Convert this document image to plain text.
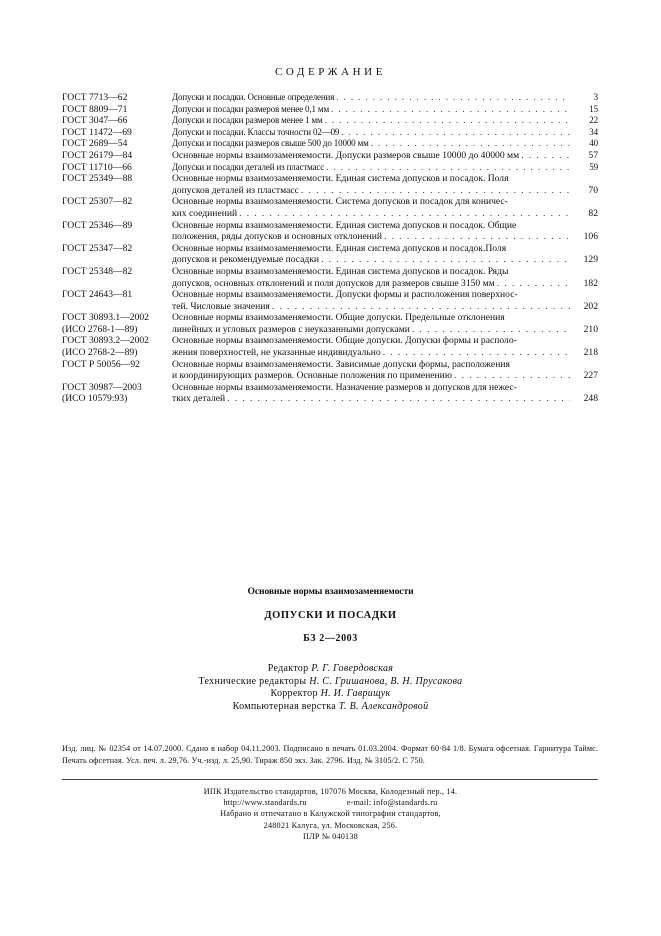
СОДЕРЖАНИЕ
ГОСТ 7713—62	Допуски и посадки. Основные определения . . .	3
ГОСТ 8809—71	Допуски и посадки размеров менее 0,1 мм . . .	15
ГОСТ 3047—66	Допуски и посадки размеров менее 1 мм . . .	22
ГОСТ 11472—69	Допуски и посадки. Классы точности 02—09 . . .	34
ГОСТ 2689—54	Допуски и посадки размеров свыше 500 до 10000 мм . . .	40
ГОСТ 26179—84	Основные нормы взаимозаменяемости. Допуски размеров свыше 10000 до 40000 мм . . .	57
ГОСТ 11710—66	Допуски и посадки деталей из пластмасс . . .	59
ГОСТ 25349—88	Основные нормы взаимозаменяемости. Единая система допусков и посадок. Поля
допусков деталей из пластмасс . . .	70
ГОСТ 25307—82	Основные нормы взаимозаменяемости. Система допусков и посадок для коничес-
ких соединений . . .	82
ГОСТ 25346—89	Основные нормы взаимозаменяемости. Единая система допусков и посадок. Общие
положения, ряды допусков и основных отклонений . . .	106
ГОСТ 25347—82	Основные нормы взаимозаменяемости. Единая система допусков и посадок.Поля
допусков и рекомендуемые посадки . . .	129
ГОСТ 25348—82	Основные нормы взаимозаменяемости. Единая система допусков и посадок. Ряды
допусков, основных отклонений и поля допусков для размеров свыше 3150 мм . . .	182
ГОСТ 24643—81	Основные нормы взаимозаменяемости. Допуски формы и расположения поверхнос-
тей. Числовые значения . . .	202
ГОСТ 30893.1—2002
(ИСО 2768-1—89)
Основные нормы взаимозаменяемости. Общие допуски. Предельные отклонения
линейных и угловых размеров с неуказанными допусками . . .	210
ГОСТ 30893.2—2002
(ИСО 2768-2—89)
Основные нормы взаимозаменяемости. Общие допуски. Допуски формы и располо-
жения поверхностей, не указанные индивидуально . . .	218
ГОСТ Р 50056—92	Основные нормы взаимозаменяемости. Зависимые допуски формы, расположения
и координирующих размеров. Основные положения по применению . . .	227
ГОСТ 30987—2003
(ИСО 10579:93)
Основные нормы взаимозаменяемости. Назначение размеров и допусков для нежес-
тких деталей . . .	248
Основные нормы взаимозаменяемости
ДОПУСКИ И ПОСАДКИ
БЗ 2—2003
Редактор Р. Г. Говердовская
Технические редакторы Н. С. Гришанова, В. Н. Прусакова
Корректор Н. И. Гаврищук
Компьютерная верстка Т. В. Александровой
Изд. лиц. № 02354 от 14.07.2000. Сдано в набор 04.11.2003. Подписано в печать 01.03.2004. Формат 60·84 1/8. Бумага офсетная. Гарнитура Таймс. Печать офсетная. Усл. печ. л. 29,76. Уч.-изд. л. 25,90. Тираж 850 экз. Зак. 2796. Изд. № 3105/2. С 750.
ИПК Издательство стандартов, 107076 Москва, Колодезный пер., 14.
http://www.standards.ru	e-mail: info@standards.ru
Набрано и отпечатано в Калужской типографии стандартов,
248021 Калуга, ул. Московская, 256.
ПЛР № 040138
